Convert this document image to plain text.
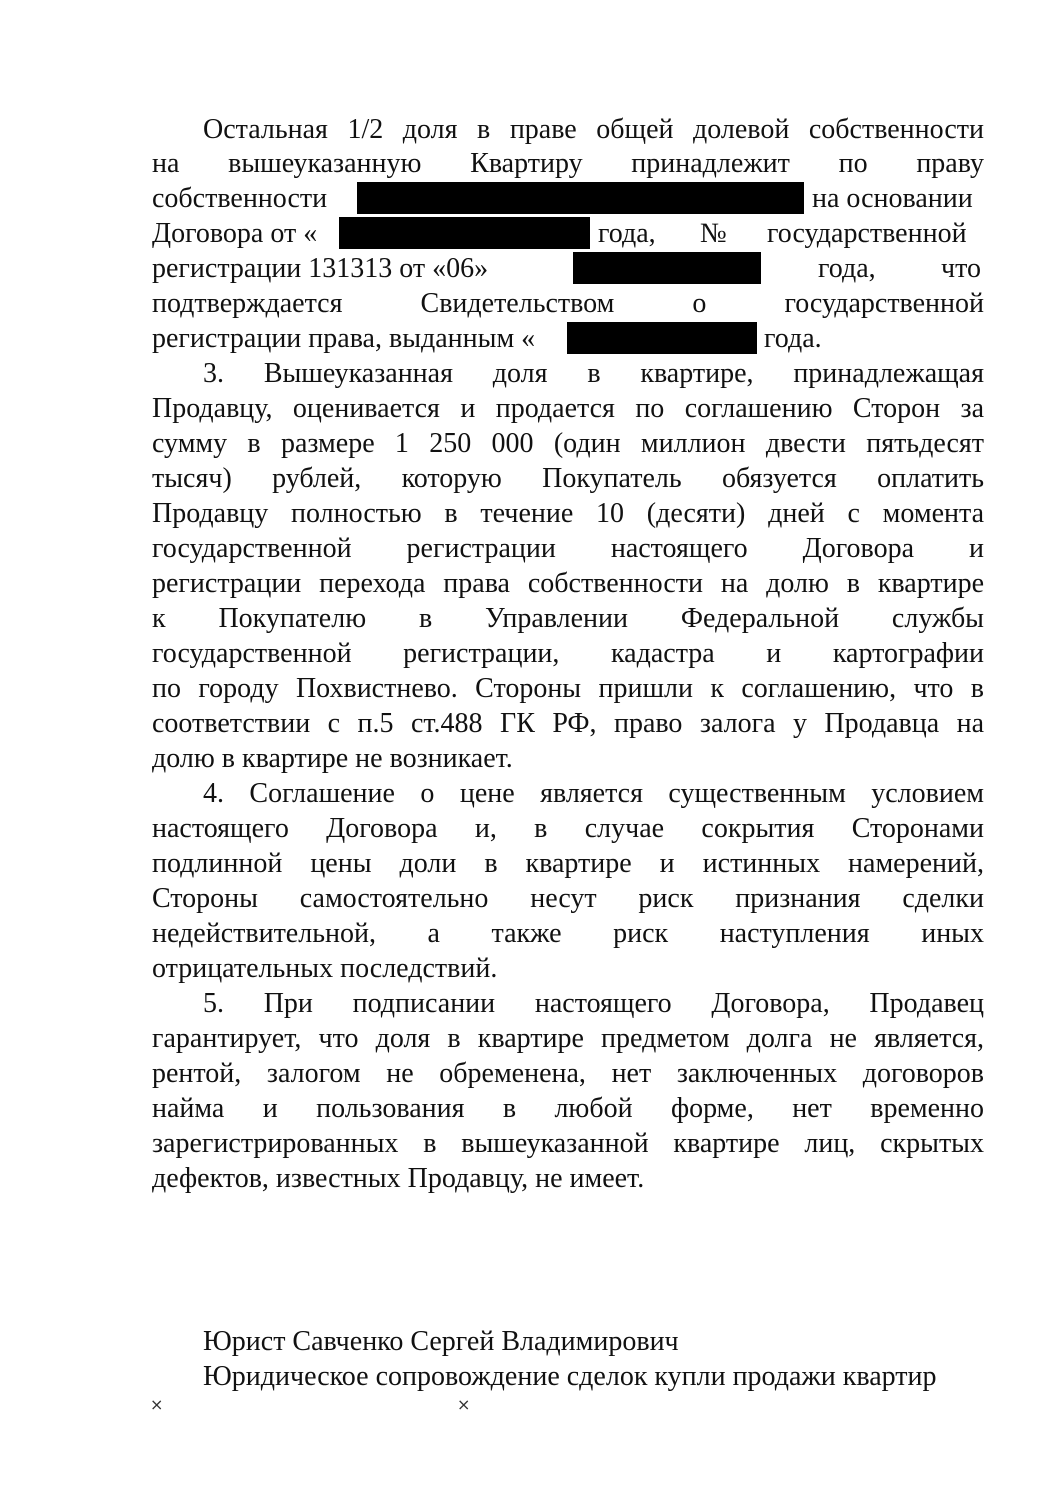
Остальная 1/2 доля в праве общей долевой собственности
на вышеуказанную Квартиру принадлежит по праву
собственности	на основании
Договора от «	года, № государственной
регистрации 131313 от «06»	года, что
подтверждается Свидетельством о государственной
регистрации права, выданным «	года.
3. Вышеуказанная доля в квартире, принадлежащая
Продавцу, оценивается и продается по соглашению Сторон за
сумму в размере 1 250 000 (один миллион двести пятьдесят
тысяч) рублей, которую Покупатель обязуется оплатить
Продавцу полностью в течение 10 (десяти) дней с момента
государственной регистрации настоящего Договора и
регистрации перехода права собственности на долю в квартире
к Покупателю в Управлении Федеральной службы
государственной регистрации, кадастра и картографии
по городу Похвистнево. Стороны пришли к соглашению, что в
соответствии с п.5 ст.488 ГК РФ, право залога у Продавца на
долю в квартире не возникает.
4. Соглашение о цене является существенным условием
настоящего Договора и, в случае сокрытия Сторонами
подлинной цены доли в квартире и истинных намерений,
Стороны самостоятельно несут риск признания сделки
недействительной, а также риск наступления иных
отрицательных последствий.
5. При подписании настоящего Договора, Продавец
гарантирует, что доля в квартире предметом долга не является,
рентой, залогом не обременена, нет заключенных договоров
найма и пользования в любой форме, нет временно
зарегистрированных в вышеуказанной квартире лиц, скрытых
дефектов, известных Продавцу, не имеет.
Юрист Савченко Сергей Владимирович
Юридическое сопровождение сделок купли продажи квартир
×	×
